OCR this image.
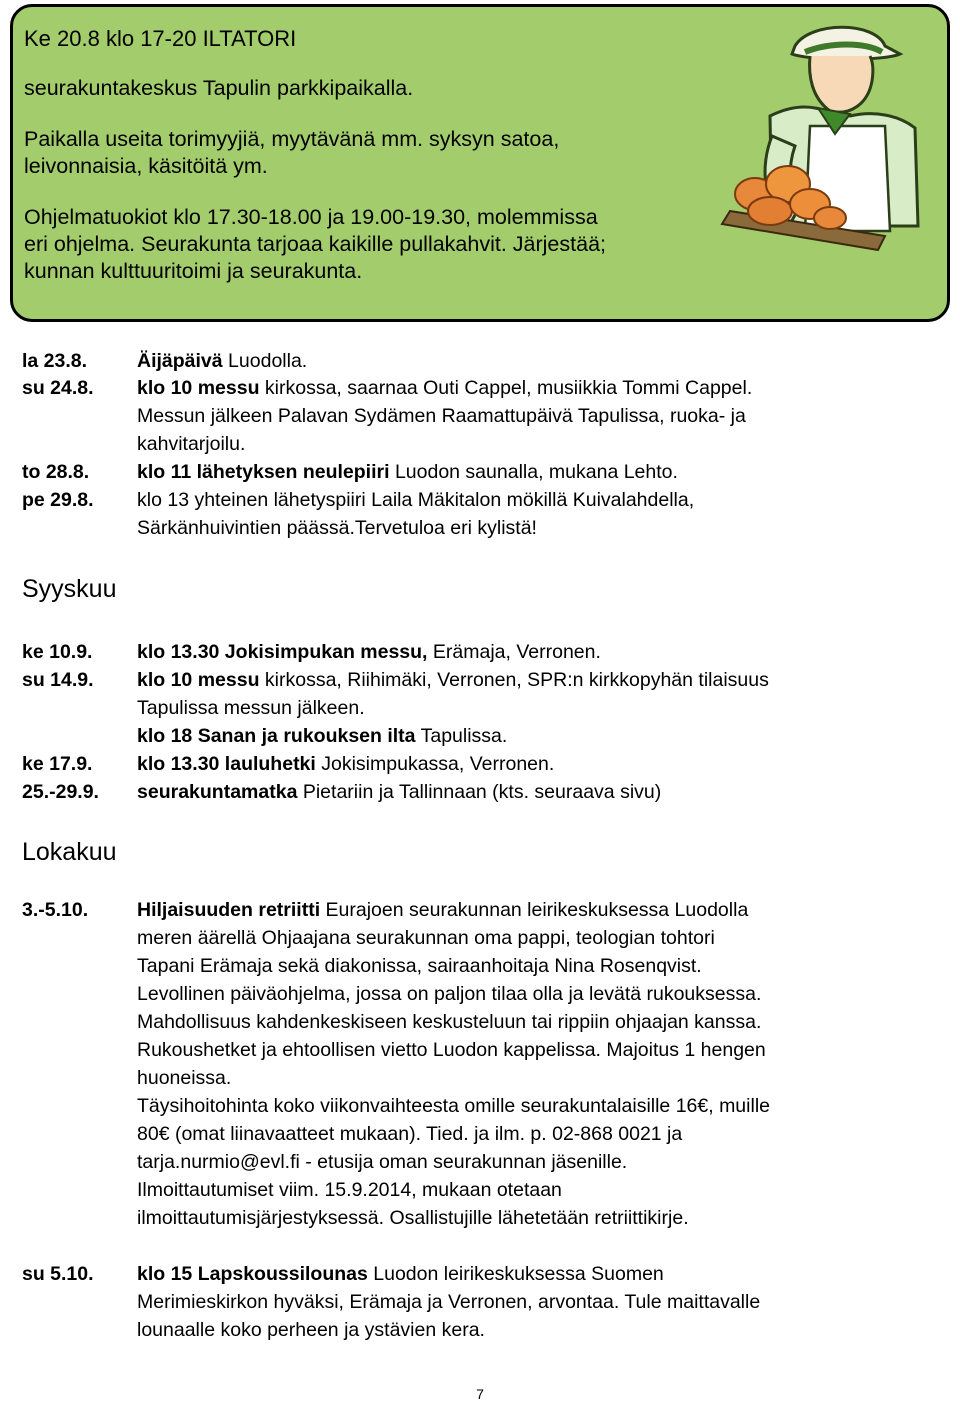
Ke 20.8 klo 17-20 ILTATORI
seurakuntakeskus Tapulin parkkipaikalla.
Paikalla useita torimyyjiä, myytävänä mm. syksyn satoa,
leivonnaisia, käsitöitä ym.
Ohjelmatuokiot klo 17.30-18.00 ja 19.00-19.30, molemmissa
eri ohjelma. Seurakunta tarjoaa kaikille pullakahvit. Järjestää;
kunnan kulttuuritoimi ja seurakunta.
la 23.8.	Äijäpäivä Luodolla.
su 24.8. klo 10 messu kirkossa, saarnaa Outi Cappel, musiikkia Tommi Cappel.
Messun jälkeen Palavan Sydämen Raamattupäivä Tapulissa, ruoka- ja
kahvitarjoilu.
to 28.8. klo 11 lähetyksen neulepiiri Luodon saunalla, mukana Lehto.
pe 29.8. klo 13 yhteinen lähetyspiiri Laila Mäkitalon mökillä Kuivalahdella,
Särkänhuivintien päässä.Tervetuloa eri kylistä!
Syyskuu
ke 10.9. klo 13.30 Jokisimpukan messu, Erämaja, Verronen.
su 14.9. klo 10 messu kirkossa, Riihimäki, Verronen, SPR:n kirkkopyhän tilaisuus
Tapulissa messun jälkeen.
klo 18 Sanan ja rukouksen ilta Tapulissa.
ke 17.9. klo 13.30 lauluhetki Jokisimpukassa, Verronen.
25.-29.9. seurakuntamatka Pietariin ja Tallinnaan (kts. seuraava sivu)
Lokakuu
3.-5.10.	Hiljaisuuden retriitti Eurajoen seurakunnan leirikeskuksessa Luodolla
meren äärellä Ohjaajana seurakunnan oma pappi, teologian tohtori
Tapani Erämaja sekä diakonissa, sairaanhoitaja Nina Rosenqvist.
Levollinen päiväohjelma, jossa on paljon tilaa olla ja levätä rukouksessa.
Mahdollisuus kahdenkeskiseen keskusteluun tai rippiin ohjaajan kanssa.
Rukoushetket ja ehtoollisen vietto Luodon kappelissa. Majoitus 1 hengen
huoneissa.
Täysihoitohinta koko viikonvaihteesta omille seurakuntalaisille 16€, muille
80€ (omat liinavaatteet mukaan). Tied. ja ilm. p. 02-868 0021 ja
tarja.nurmio@evl.fi - etusija oman seurakunnan jäsenille.
Ilmoittautumiset viim. 15.9.2014, mukaan otetaan
ilmoittautumisjärjestyksessä. Osallistujille lähetetään retriittikirje.
su 5.10. klo 15 Lapskoussilounas Luodon leirikeskuksessa Suomen
Merimieskirkon hyväksi, Erämaja ja Verronen, arvontaa. Tule maittavalle
lounaalle koko perheen ja ystävien kera.
7
